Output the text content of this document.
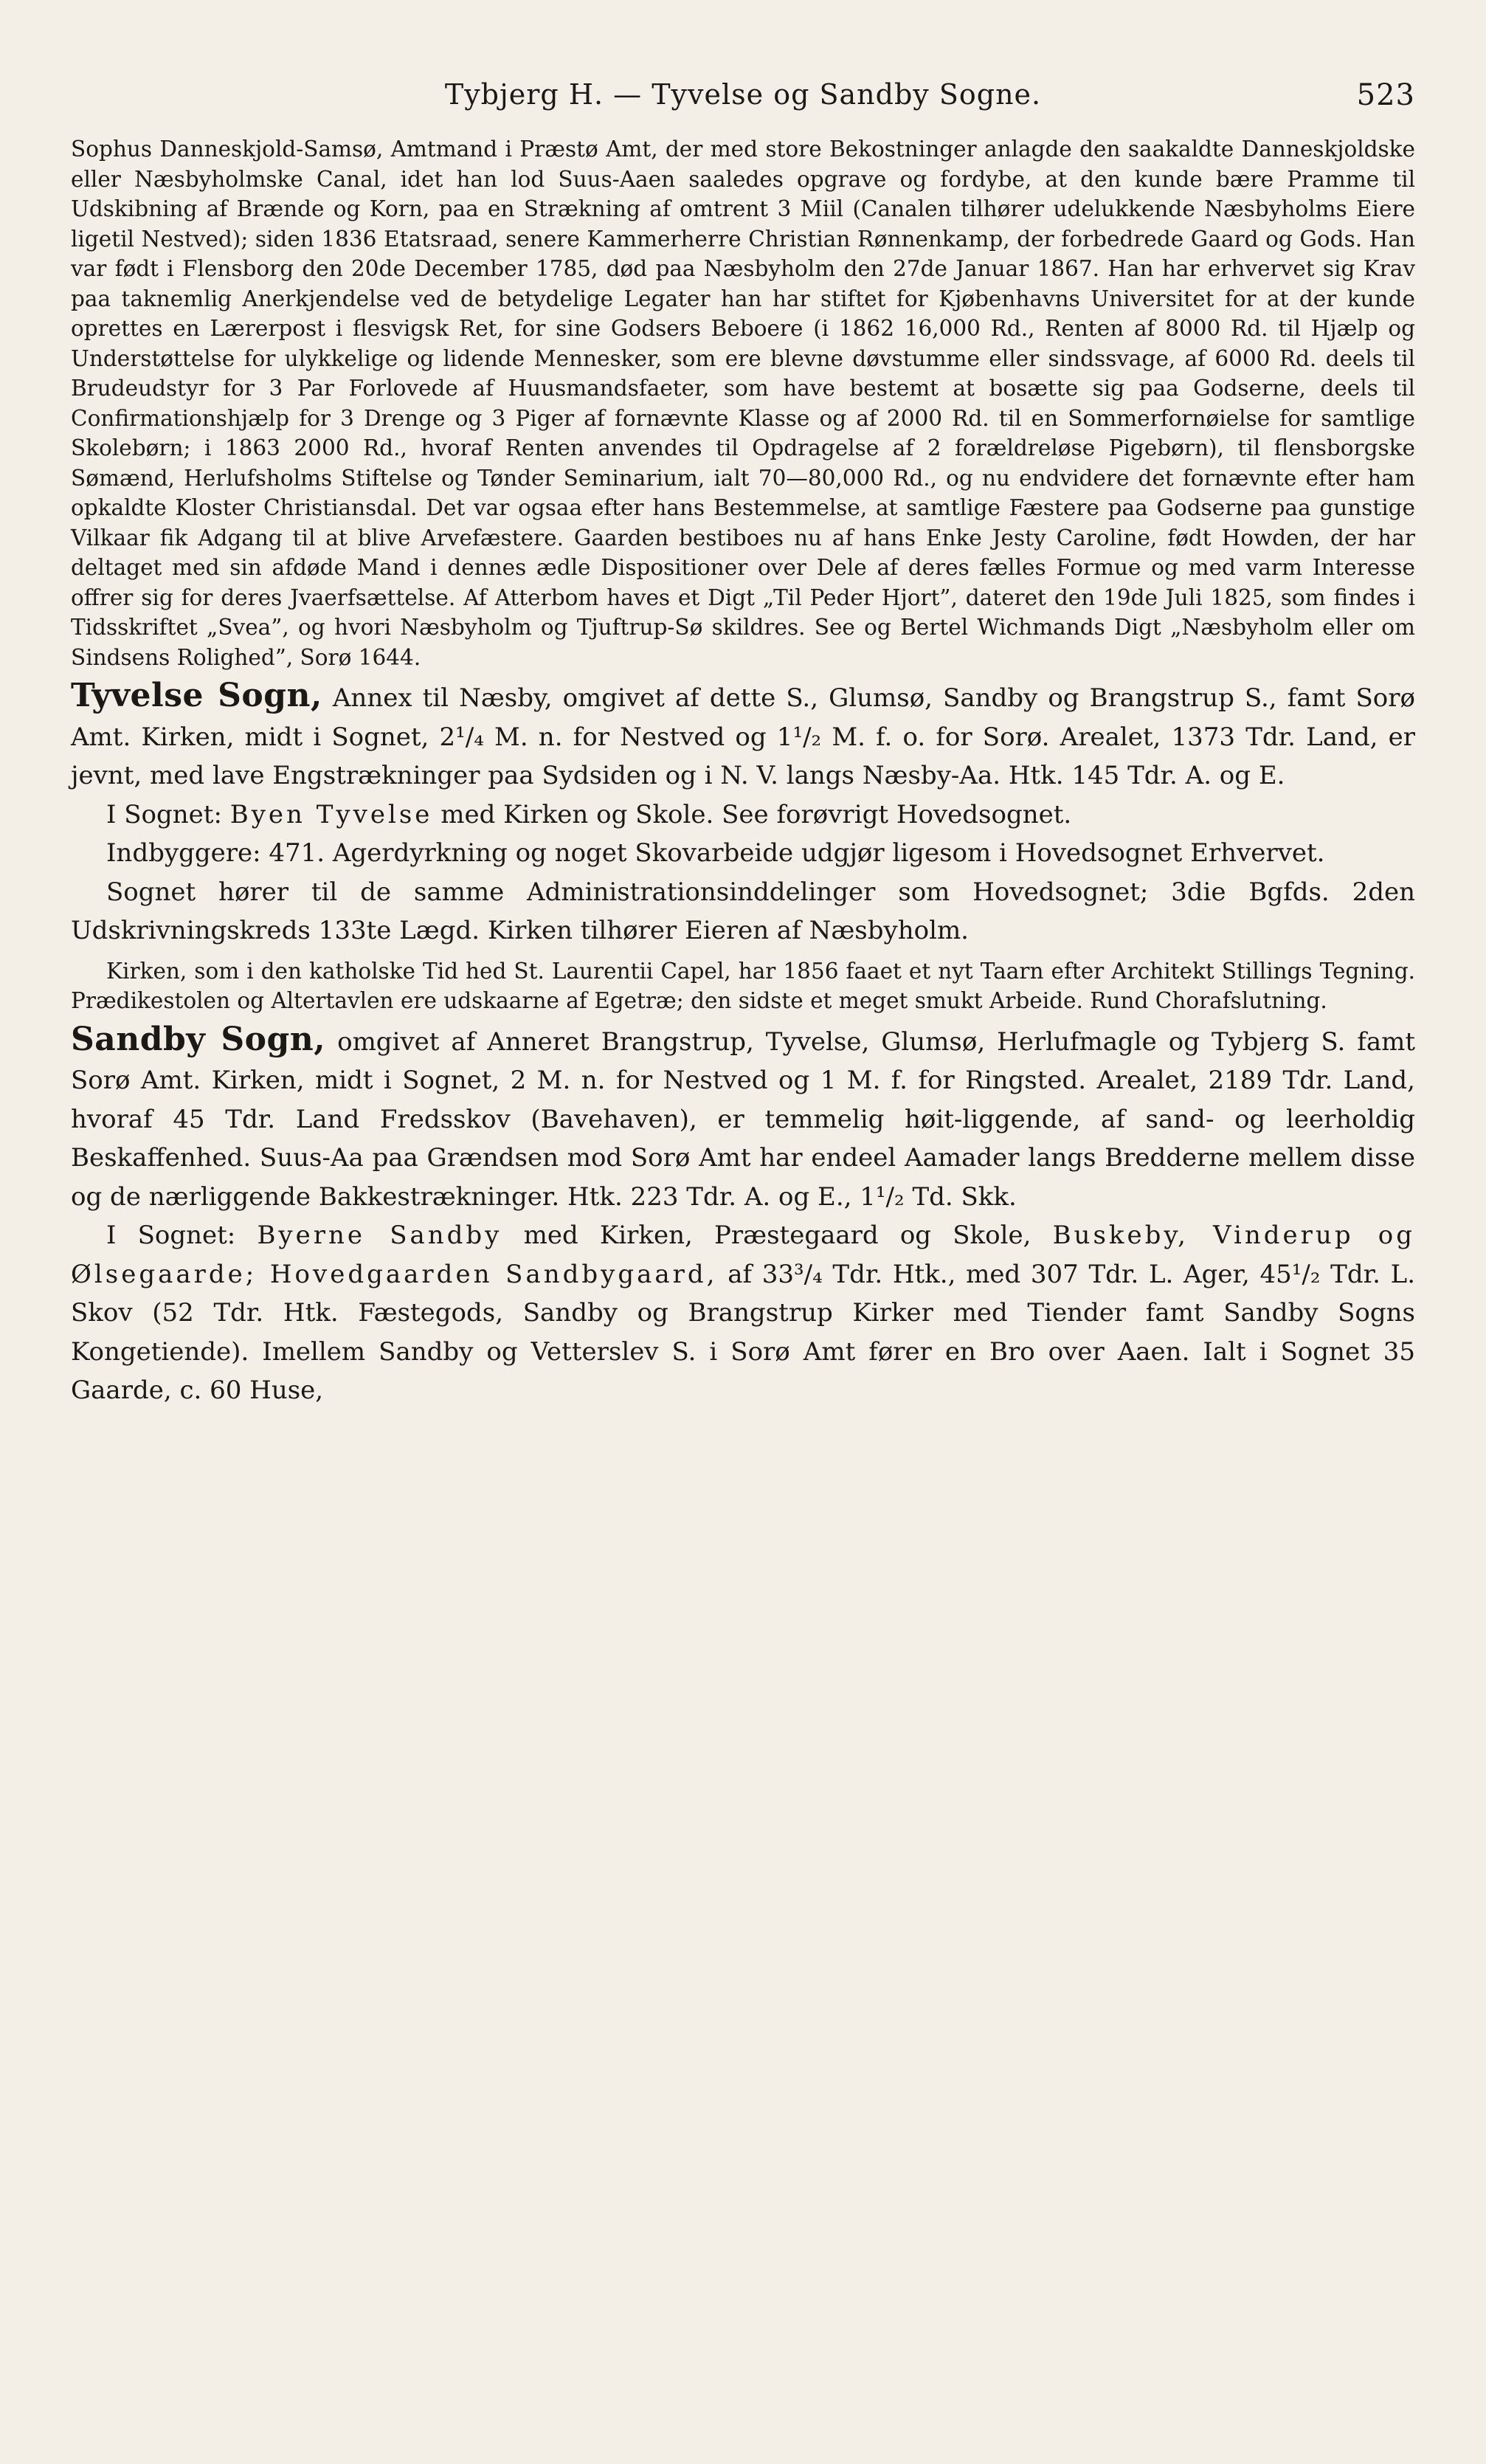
Tybjerg H. — Tyvelse og Sandby Sogne.	523

Sophus Danneskjold-Samsø, Amtmand i Præstø Amt, der med store Bekostninger anlagde den saakaldte Danneskjoldske eller Næsbyholmske Canal, idet han lod Suus-Aaen saaledes opgrave og fordybe, at den kunde bære Pramme til Udskibning af Brænde og Korn, paa en Strækning af omtrent 3 Miil (Canalen tilhører udelukkende Næsbyholms Eiere ligetil Nestved); siden 1836 Etatsraad, senere Kammerherre Christian Rønnenkamp, der forbedrede Gaard og Gods. Han var født i Flensborg den 20de December 1785, død paa Næsbyholm den 27de Januar 1867. Han har erhvervet sig Krav paa taknemlig Anerkjendelse ved de betydelige Legater han har stiftet for Kjøbenhavns Universitet for at der kunde oprettes en Lærerpost i flesvigsk Ret, for sine Godsers Beboere (i 1862 16,000 Rd., Renten af 8000 Rd. til Hjælp og Understøttelse for ulykkelige og lidende Mennesker, som ere blevne døvstumme eller sindssvage, af 6000 Rd. deels til Brudeudstyr for 3 Par Forlovede af Huusmandsfaeter, som have bestemt at bosætte sig paa Godserne, deels til Confirmationshjælp for 3 Drenge og 3 Piger af fornævnte Klasse og af 2000 Rd. til en Sommerfornøielse for samtlige Skolebørn; i 1863 2000 Rd., hvoraf Renten anvendes til Opdragelse af 2 forældreløse Pigebørn), til flensborgske Sømænd, Herlufsholms Stiftelse og Tønder Seminarium, ialt 70—80,000 Rd., og nu endvidere det fornævnte efter ham opkaldte Kloster Christiansdal. Det var ogsaa efter hans Bestemmelse, at samtlige Fæstere paa Godserne paa gunstige Vilkaar fik Adgang til at blive Arvefæstere. Gaarden bestiboes nu af hans Enke Jesty Caroline, født Howden, der har deltaget med sin afdøde Mand i dennes ædle Dispositioner over Dele af deres fælles Formue og med varm Interesse offrer sig for deres Jvaerfsættelse. Af Atterbom haves et Digt „Til Peder Hjort”, dateret den 19de Juli 1825, som findes i Tidsskriftet „Svea”, og hvori Næsbyholm og Tjuftrup-Sø skildres. See og Bertel Wichmands Digt „Næsbyholm eller om Sindsens Rolighed”, Sorø 1644.

Tyvelse Sogn, Annex til Næsby, omgivet af dette S., Glumsø, Sandby og Brangstrup S., famt Sorø Amt. Kirken, midt i Sognet, 2¹/₄ M. n. for Nestved og 1¹/₂ M. f. o. for Sorø. Arealet, 1373 Tdr. Land, er jevnt, med lave Engstrækninger paa Sydsiden og i N. V. langs Næsby-Aa. Htk. 145 Tdr. A. og E.

I Sognet: Byen Tyvelse med Kirken og Skole. See forøvrigt Hovedsognet.

Indbyggere: 471. Agerdyrkning og noget Skovarbeide udgjør ligesom i Hovedsognet Erhvervet.

Sognet hører til de samme Administrationsinddelinger som Hovedsognet; 3die Bgfds. 2den Udskrivningskreds 133te Lægd. Kirken tilhører Eieren af Næsbyholm.

Kirken, som i den katholske Tid hed St. Laurentii Capel, har 1856 faaet et nyt Taarn efter Architekt Stillings Tegning. Prædikestolen og Altertavlen ere udskaarne af Egetræ; den sidste et meget smukt Arbeide. Rund Chorafslutning.

Sandby Sogn, omgivet af Anneret Brangstrup, Tyvelse, Glumsø, Herlufmagle og Tybjerg S. famt Sorø Amt. Kirken, midt i Sognet, 2 M. n. for Nestved og 1 M. f. for Ringsted. Arealet, 2189 Tdr. Land, hvoraf 45 Tdr. Land Fredsskov (Bavehaven), er temmelig høit-liggende, af sand- og leerholdig Beskaffenhed. Suus-Aa paa Grændsen mod Sorø Amt har endeel Aamader langs Bredderne mellem disse og de nærliggende Bakkestrækninger. Htk. 223 Tdr. A. og E., 1¹/₂ Td. Skk.

I Sognet: Byerne Sandby med Kirken, Præstegaard og Skole, Buskeby, Vinderup og Ølsegaarde; Hovedgaarden Sandbygaard, af 33³/₄ Tdr. Htk., med 307 Tdr. L. Ager, 45¹/₂ Tdr. L. Skov (52 Tdr. Htk. Fæstegods, Sandby og Brangstrup Kirker med Tiender famt Sandby Sogns Kongetiende). Imellem Sandby og Vetterslev S. i Sorø Amt fører en Bro over Aaen. Ialt i Sognet 35 Gaarde, c. 60 Huse,
